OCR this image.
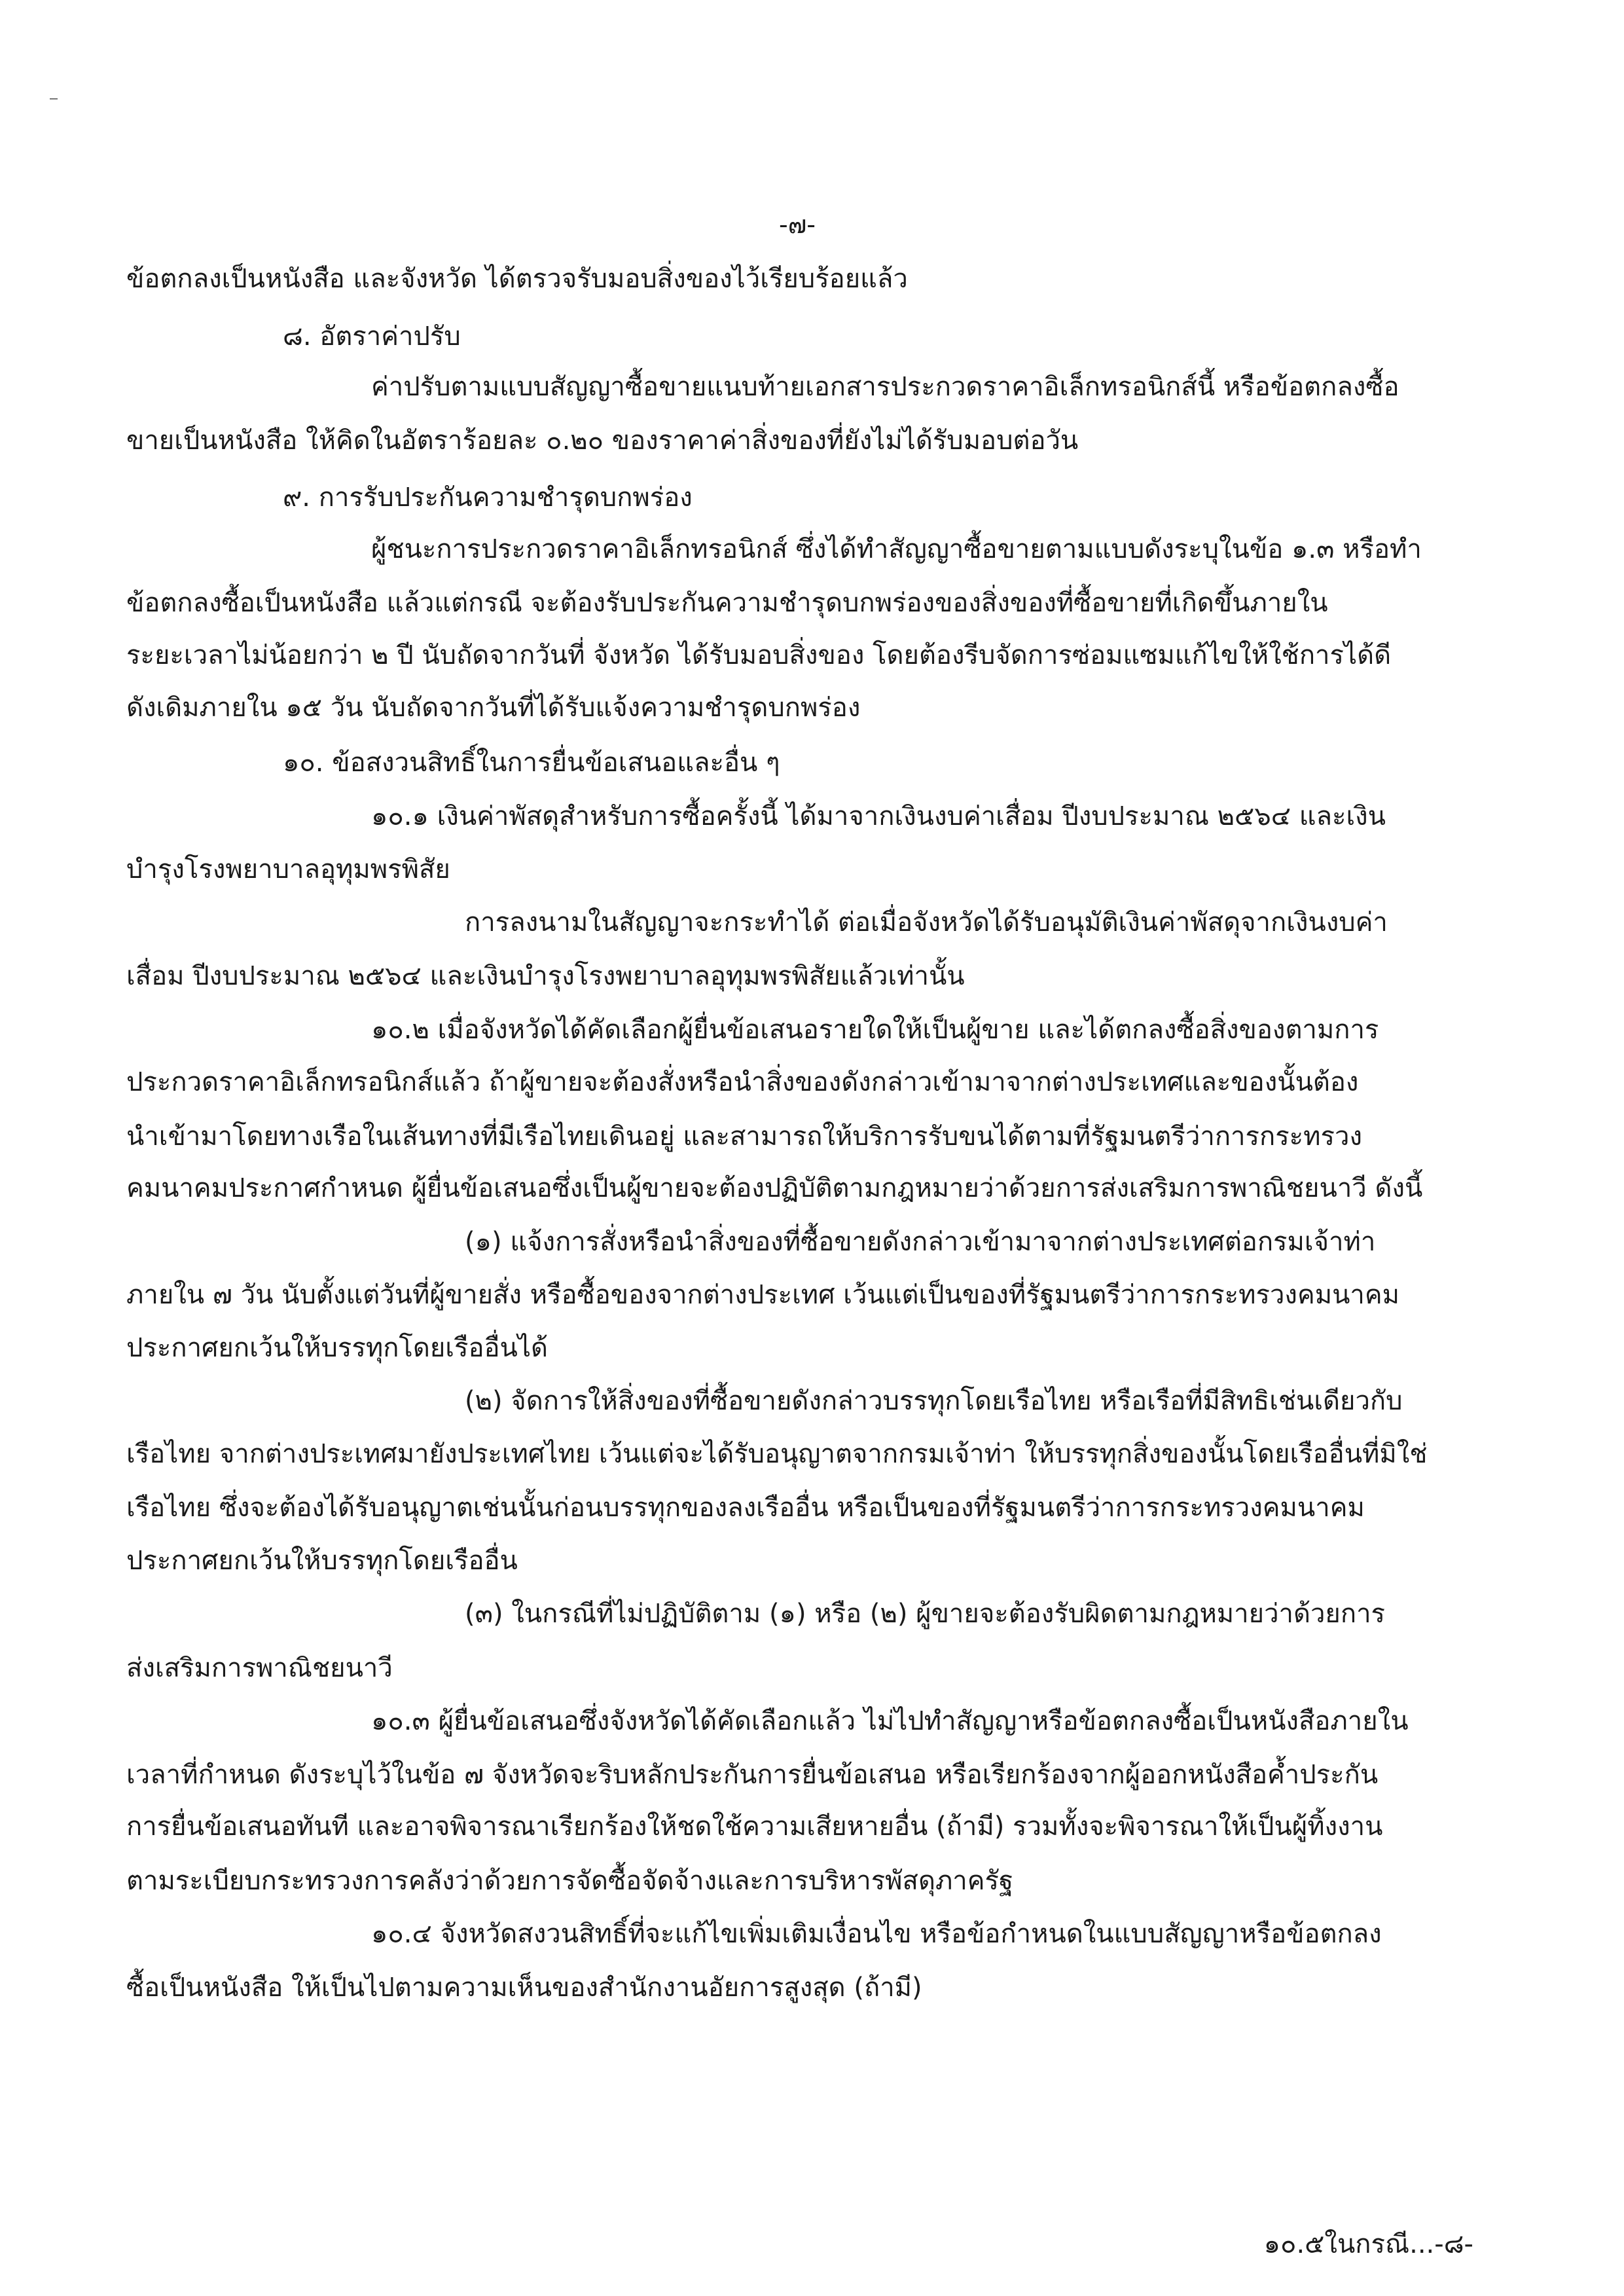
-๗-
ข้อตกลงเป็นหนังสือ และจังหวัด ได้ตรวจรับมอบสิ่งของไว้เรียบร้อยแล้ว
๘. อัตราค่าปรับ
ค่าปรับตามแบบสัญญาซื้อขายแนบท้ายเอกสารประกวดราคาอิเล็กทรอนิกส์นี้ หรือข้อตกลงซื้อ
ขายเป็นหนังสือ ให้คิดในอัตราร้อยละ ๐.๒๐ ของราคาค่าสิ่งของที่ยังไม่ได้รับมอบต่อวัน
๙. การรับประกันความชำรุดบกพร่อง
ผู้ชนะการประกวดราคาอิเล็กทรอนิกส์ ซึ่งได้ทำสัญญาซื้อขายตามแบบดังระบุในข้อ ๑.๓ หรือทำ
ข้อตกลงซื้อเป็นหนังสือ แล้วแต่กรณี จะต้องรับประกันความชำรุดบกพร่องของสิ่งของที่ซื้อขายที่เกิดขึ้นภายใน
ระยะเวลาไม่น้อยกว่า ๒ ปี นับถัดจากวันที่ จังหวัด ได้รับมอบสิ่งของ โดยต้องรีบจัดการซ่อมแซมแก้ไขให้ใช้การได้ดี
ดังเดิมภายใน ๑๕ วัน นับถัดจากวันที่ได้รับแจ้งความชำรุดบกพร่อง
๑๐. ข้อสงวนสิทธิ์ในการยื่นข้อเสนอและอื่น ๆ
๑๐.๑ เงินค่าพัสดุสำหรับการซื้อครั้งนี้ ได้มาจากเงินงบค่าเสื่อม ปีงบประมาณ ๒๕๖๔ และเงิน
บำรุงโรงพยาบาลอุทุมพรพิสัย
การลงนามในสัญญาจะกระทำได้ ต่อเมื่อจังหวัดได้รับอนุมัติเงินค่าพัสดุจากเงินงบค่า
เสื่อม ปีงบประมาณ ๒๕๖๔ และเงินบำรุงโรงพยาบาลอุทุมพรพิสัยแล้วเท่านั้น
๑๐.๒ เมื่อจังหวัดได้คัดเลือกผู้ยื่นข้อเสนอรายใดให้เป็นผู้ขาย และได้ตกลงซื้อสิ่งของตามการ
ประกวดราคาอิเล็กทรอนิกส์แล้ว ถ้าผู้ขายจะต้องสั่งหรือนำสิ่งของดังกล่าวเข้ามาจากต่างประเทศและของนั้นต้อง
นำเข้ามาโดยทางเรือในเส้นทางที่มีเรือไทยเดินอยู่ และสามารถให้บริการรับขนได้ตามที่รัฐมนตรีว่าการกระทรวง
คมนาคมประกาศกำหนด ผู้ยื่นข้อเสนอซึ่งเป็นผู้ขายจะต้องปฏิบัติตามกฎหมายว่าด้วยการส่งเสริมการพาณิชยนาวี ดังนี้
(๑) แจ้งการสั่งหรือนำสิ่งของที่ซื้อขายดังกล่าวเข้ามาจากต่างประเทศต่อกรมเจ้าท่า
ภายใน ๗ วัน นับตั้งแต่วันที่ผู้ขายสั่ง หรือซื้อของจากต่างประเทศ เว้นแต่เป็นของที่รัฐมนตรีว่าการกระทรวงคมนาคม
ประกาศยกเว้นให้บรรทุกโดยเรืออื่นได้
(๒) จัดการให้สิ่งของที่ซื้อขายดังกล่าวบรรทุกโดยเรือไทย หรือเรือที่มีสิทธิเช่นเดียวกับ
เรือไทย จากต่างประเทศมายังประเทศไทย เว้นแต่จะได้รับอนุญาตจากกรมเจ้าท่า ให้บรรทุกสิ่งของนั้นโดยเรืออื่นที่มิใช่
เรือไทย ซึ่งจะต้องได้รับอนุญาตเช่นนั้นก่อนบรรทุกของลงเรืออื่น หรือเป็นของที่รัฐมนตรีว่าการกระทรวงคมนาคม
ประกาศยกเว้นให้บรรทุกโดยเรืออื่น
(๓) ในกรณีที่ไม่ปฏิบัติตาม (๑) หรือ (๒) ผู้ขายจะต้องรับผิดตามกฎหมายว่าด้วยการ
ส่งเสริมการพาณิชยนาวี
๑๐.๓ ผู้ยื่นข้อเสนอซึ่งจังหวัดได้คัดเลือกแล้ว ไม่ไปทำสัญญาหรือข้อตกลงซื้อเป็นหนังสือภายใน
เวลาที่กำหนด ดังระบุไว้ในข้อ ๗ จังหวัดจะริบหลักประกันการยื่นข้อเสนอ หรือเรียกร้องจากผู้ออกหนังสือค้ำประกัน
การยื่นข้อเสนอทันที และอาจพิจารณาเรียกร้องให้ชดใช้ความเสียหายอื่น (ถ้ามี) รวมทั้งจะพิจารณาให้เป็นผู้ทิ้งงาน
ตามระเบียบกระทรวงการคลังว่าด้วยการจัดซื้อจัดจ้างและการบริหารพัสดุภาครัฐ
๑๐.๔ จังหวัดสงวนสิทธิ์ที่จะแก้ไขเพิ่มเติมเงื่อนไข หรือข้อกำหนดในแบบสัญญาหรือข้อตกลง
ซื้อเป็นหนังสือ ให้เป็นไปตามความเห็นของสำนักงานอัยการสูงสุด (ถ้ามี)
๑๐.๕ในกรณี...-๘-
